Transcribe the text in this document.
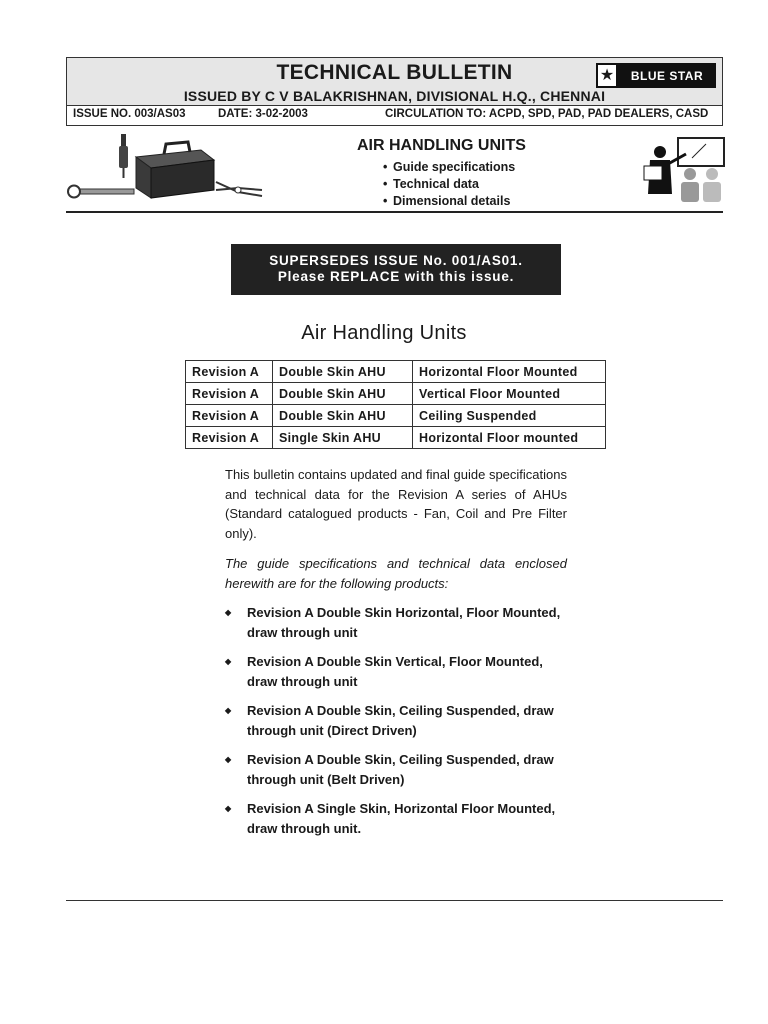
TECHNICAL BULLETIN
ISSUED BY C V BALAKRISHNAN, DIVISIONAL H.Q., CHENNAI
★	BLUE STAR
ISSUE NO. 003/AS03	DATE: 3-02-2003	CIRCULATION TO: ACPD, SPD, PAD, PAD DEALERS, CASD
AIR HANDLING UNITS
• Guide specifications
• Technical data
• Dimensional details
SUPERSEDES ISSUE No. 001/AS01.
Please REPLACE with this issue.
Air Handling Units
Revision A	Double Skin AHU	Horizontal Floor Mounted
Revision A	Double Skin AHU	Vertical Floor Mounted
Revision A	Double Skin AHU	Ceiling Suspended
Revision A	Single Skin AHU	Horizontal Floor mounted
This bulletin contains updated and final guide specifications and technical data for the Revision A series of AHUs (Standard catalogued products - Fan, Coil and Pre Filter only).
The guide specifications and technical data enclosed herewith are for the following products:
◆ Revision A Double Skin Horizontal, Floor Mounted, draw through unit
◆ Revision A Double Skin Vertical, Floor Mounted, draw through unit
◆ Revision A Double Skin, Ceiling Suspended, draw through unit (Direct Driven)
◆ Revision A Double Skin, Ceiling Suspended, draw through unit (Belt Driven)
◆ Revision A Single Skin, Horizontal Floor Mounted, draw through unit.
